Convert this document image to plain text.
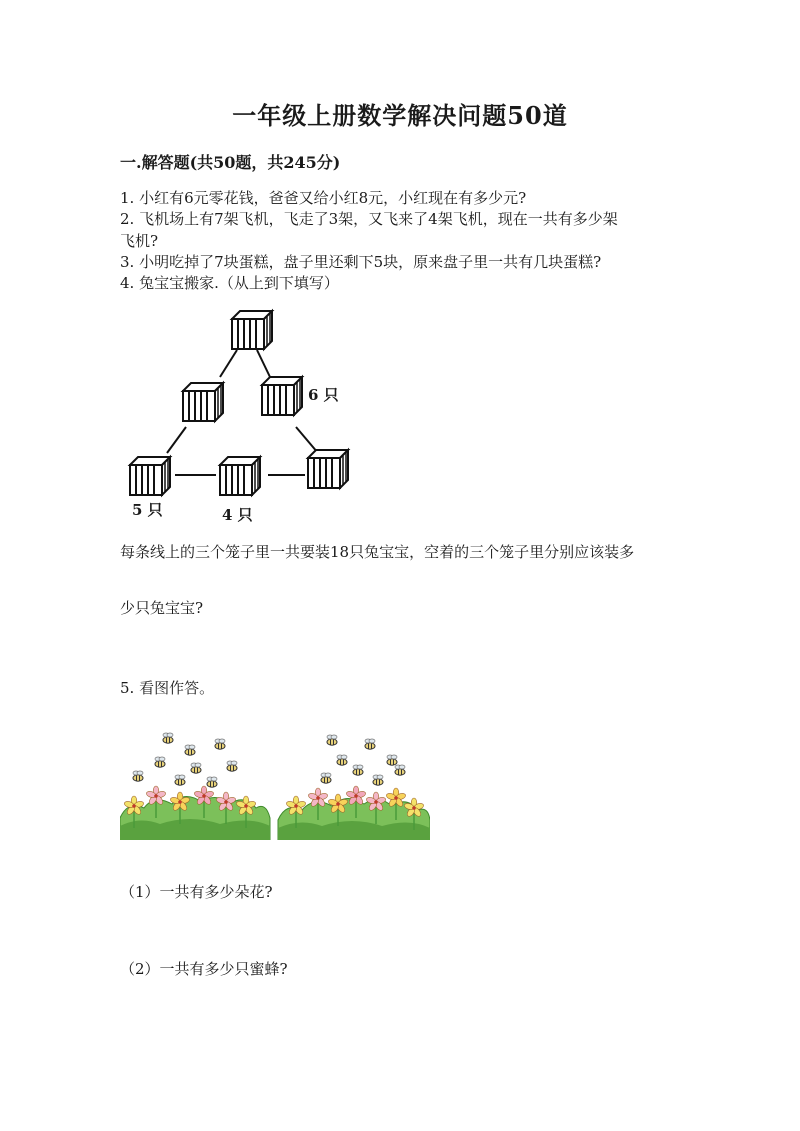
一年级上册数学解决问题50道
一.解答题(共50题，共245分)
1. 小红有6元零花钱，爸爸又给小红8元，小红现在有多少元?
2. 飞机场上有7架飞机，飞走了3架，又飞来了4架飞机，现在一共有多少架
飞机?
3. 小明吃掉了7块蛋糕，盘子里还剩下5块，原来盘子里一共有几块蛋糕?
4. 兔宝宝搬家.（从上到下填写）
6 只
5 只	4 只
每条线上的三个笼子里一共要装18只兔宝宝，空着的三个笼子里分别应该装多
少只兔宝宝?
5. 看图作答。
（1）一共有多少朵花?
（2）一共有多少只蜜蜂?
